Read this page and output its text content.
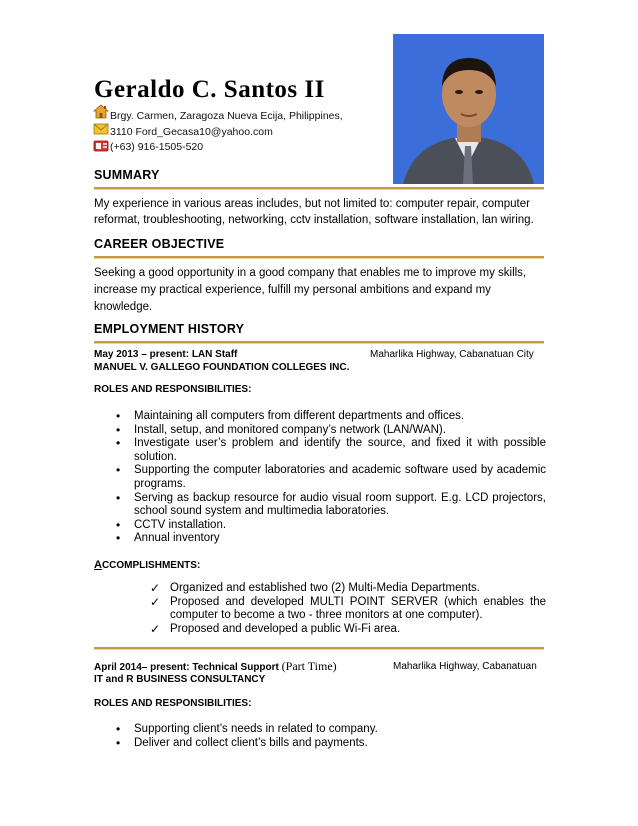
Geraldo C. Santos II
Brgy. Carmen, Zaragoza Nueva Ecija, Philippines,
3110 Ford_Gecasa10@yahoo.com
(+63) 916-1505-520
SUMMARY
My experience in various areas includes, but not limited to: computer repair, computer
reformat, troubleshooting, networking, cctv installation, software installation, lan wiring.
CAREER OBJECTIVE
Seeking a good opportunity in a good company that enables me to improve my skills,
increase my practical experience, fulfill my personal ambitions and expand my
knowledge.
EMPLOYMENT HISTORY
May 2013 – present: LAN Staff	Maharlika Highway, Cabanatuan City
MANUEL V. GALLEGO FOUNDATION COLLEGES INC.
ROLES AND RESPONSIBILITIES:
• Maintaining all computers from different departments and offices.
• Install, setup, and monitored company’s network (LAN/WAN).
• Investigate user’s problem and identify the source, and fixed it with possible solution.
• Supporting the computer laboratories and academic software used by academic programs.
• Serving as backup resource for audio visual room support. E.g. LCD projectors, school sound system and multimedia laboratories.
• CCTV installation.
• Annual inventory
ACCOMPLISHMENTS:
✓ Organized and established two (2) Multi-Media Departments.
✓ Proposed and developed MULTI POINT SERVER (which enables the computer to become a two - three monitors at one computer).
✓ Proposed and developed a public Wi-Fi area.
April 2014– present: Technical Support (Part Time)	Maharlika Highway, Cabanatuan
IT and R BUSINESS CONSULTANCY
ROLES AND RESPONSIBILITIES:
• Supporting client’s needs in related to company.
• Deliver and collect client’s bills and payments.
